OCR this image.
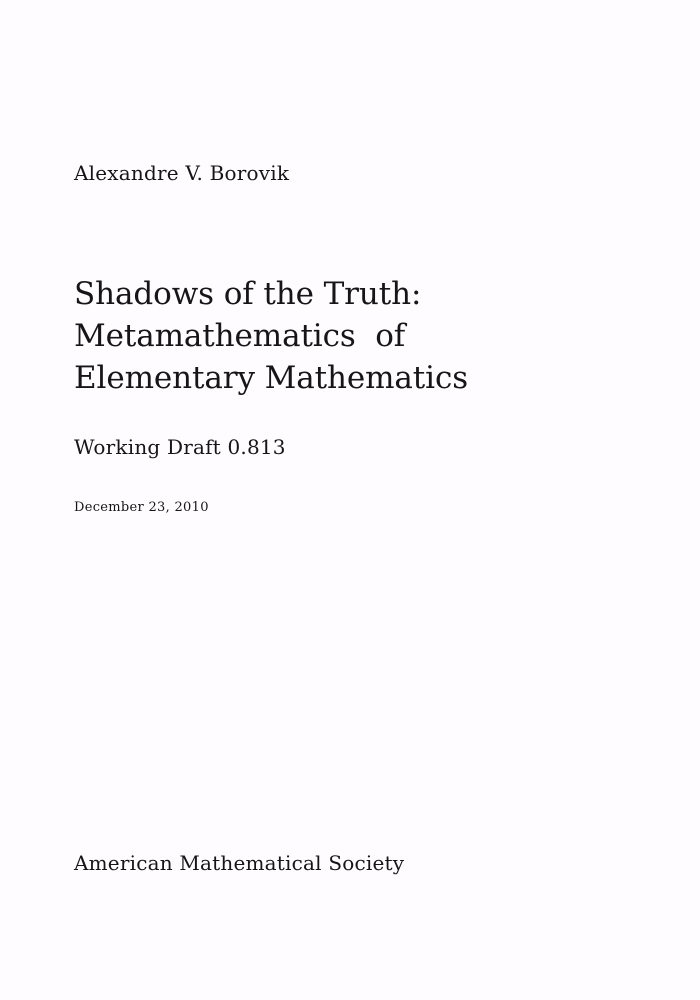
Alexandre V. Borovik
Shadows of the Truth:
Metamathematics  of
Elementary Mathematics
Working Draft 0.813
December 23, 2010
American Mathematical Society
